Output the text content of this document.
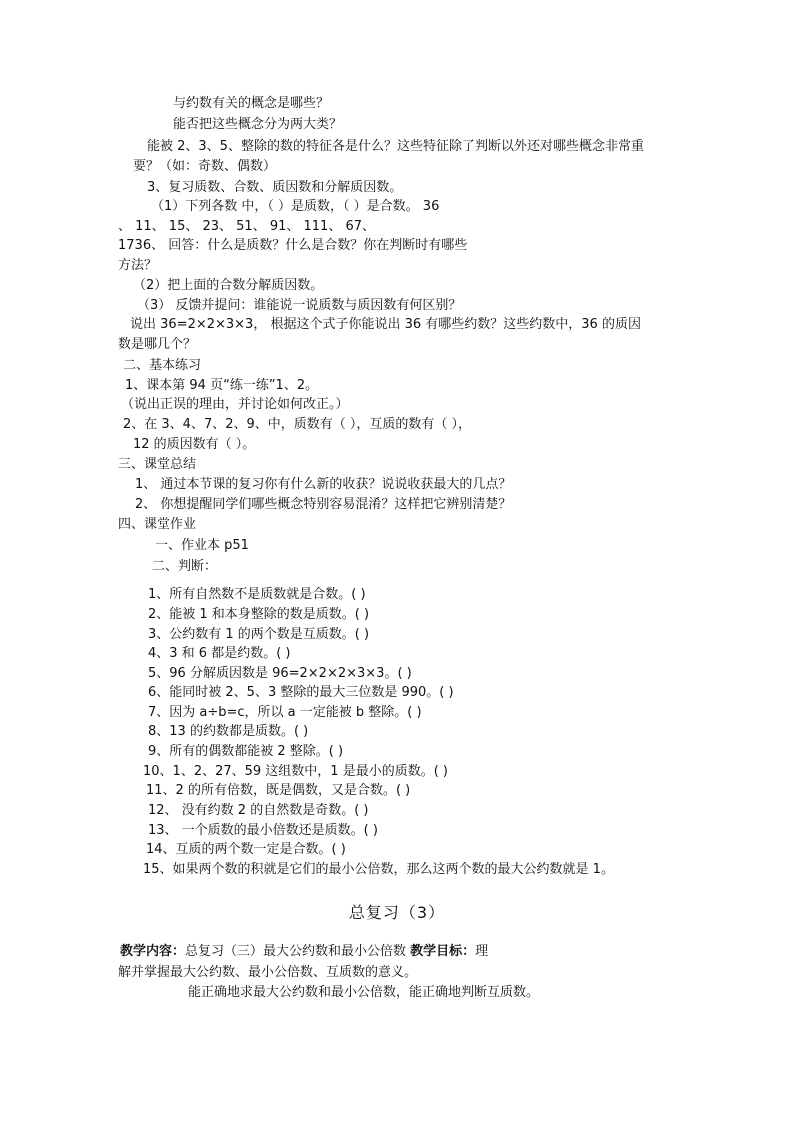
与约数有关的概念是哪些？
能否把这些概念分为两大类？
能被 2、3、5、整除的数的特征各是什么？这些特征除了判断以外还对哪些概念非常重
要？（如：奇数、偶数）
3、复习质数、合数、质因数和分解质因数。
（1）下列各数 中，（ ）是质数，（ ）是合数。 36
、 11、 15、 23、 51、 91、 111、 67、
1736、 回答：什么是质数？什么是合数？你在判断时有哪些
方法？
（2）把上面的合数分解质因数。
（3） 反馈并提问：谁能说一说质数与质因数有何区别？
说出 36=2×2×3×3， 根据这个式子你能说出 36 有哪些约数？这些约数中，36 的质因
数是哪几个？
二、基本练习
1、课本第 94 页“练一练”1、2。
（说出正误的理由，并讨论如何改正。）
2、在 3、4、7、2、9、中，质数有（ ），互质的数有（ ），
12 的质因数有（ ）。
三、课堂总结
1、 通过本节课的复习你有什么新的收获？说说收获最大的几点？
2、 你想提醒同学们哪些概念特别容易混淆？这样把它辨别清楚？
四、课堂作业
一、作业本 p51
二、判断：
1、所有自然数不是质数就是合数。( )
2、能被 1 和本身整除的数是质数。( )
3、公约数有 1 的两个数是互质数。( )
4、3 和 6 都是约数。( )
5、96 分解质因数是 96=2×2×2×3×3。( )
6、能同时被 2、5、3 整除的最大三位数是 990。( )
7、因为 a÷b=c，所以 a 一定能被 b 整除。( )
8、13 的约数都是质数。( )
9、所有的偶数都能被 2 整除。( )
10、1、2、27、59 这组数中，1 是最小的质数。( )
11、2 的所有倍数，既是偶数，又是合数。( )
12、 没有约数 2 的自然数是奇数。( )
13、 一个质数的最小倍数还是质数。( )
14、互质的两个数一定是合数。( )
15、如果两个数的积就是它们的最小公倍数，那么这两个数的最大公约数就是 1。
总复习（3）
教学内容：总复习（三）最大公约数和最小公倍数 教学目标：理
解并掌握最大公约数、最小公倍数、互质数的意义。
能正确地求最大公约数和最小公倍数，能正确地判断互质数。
